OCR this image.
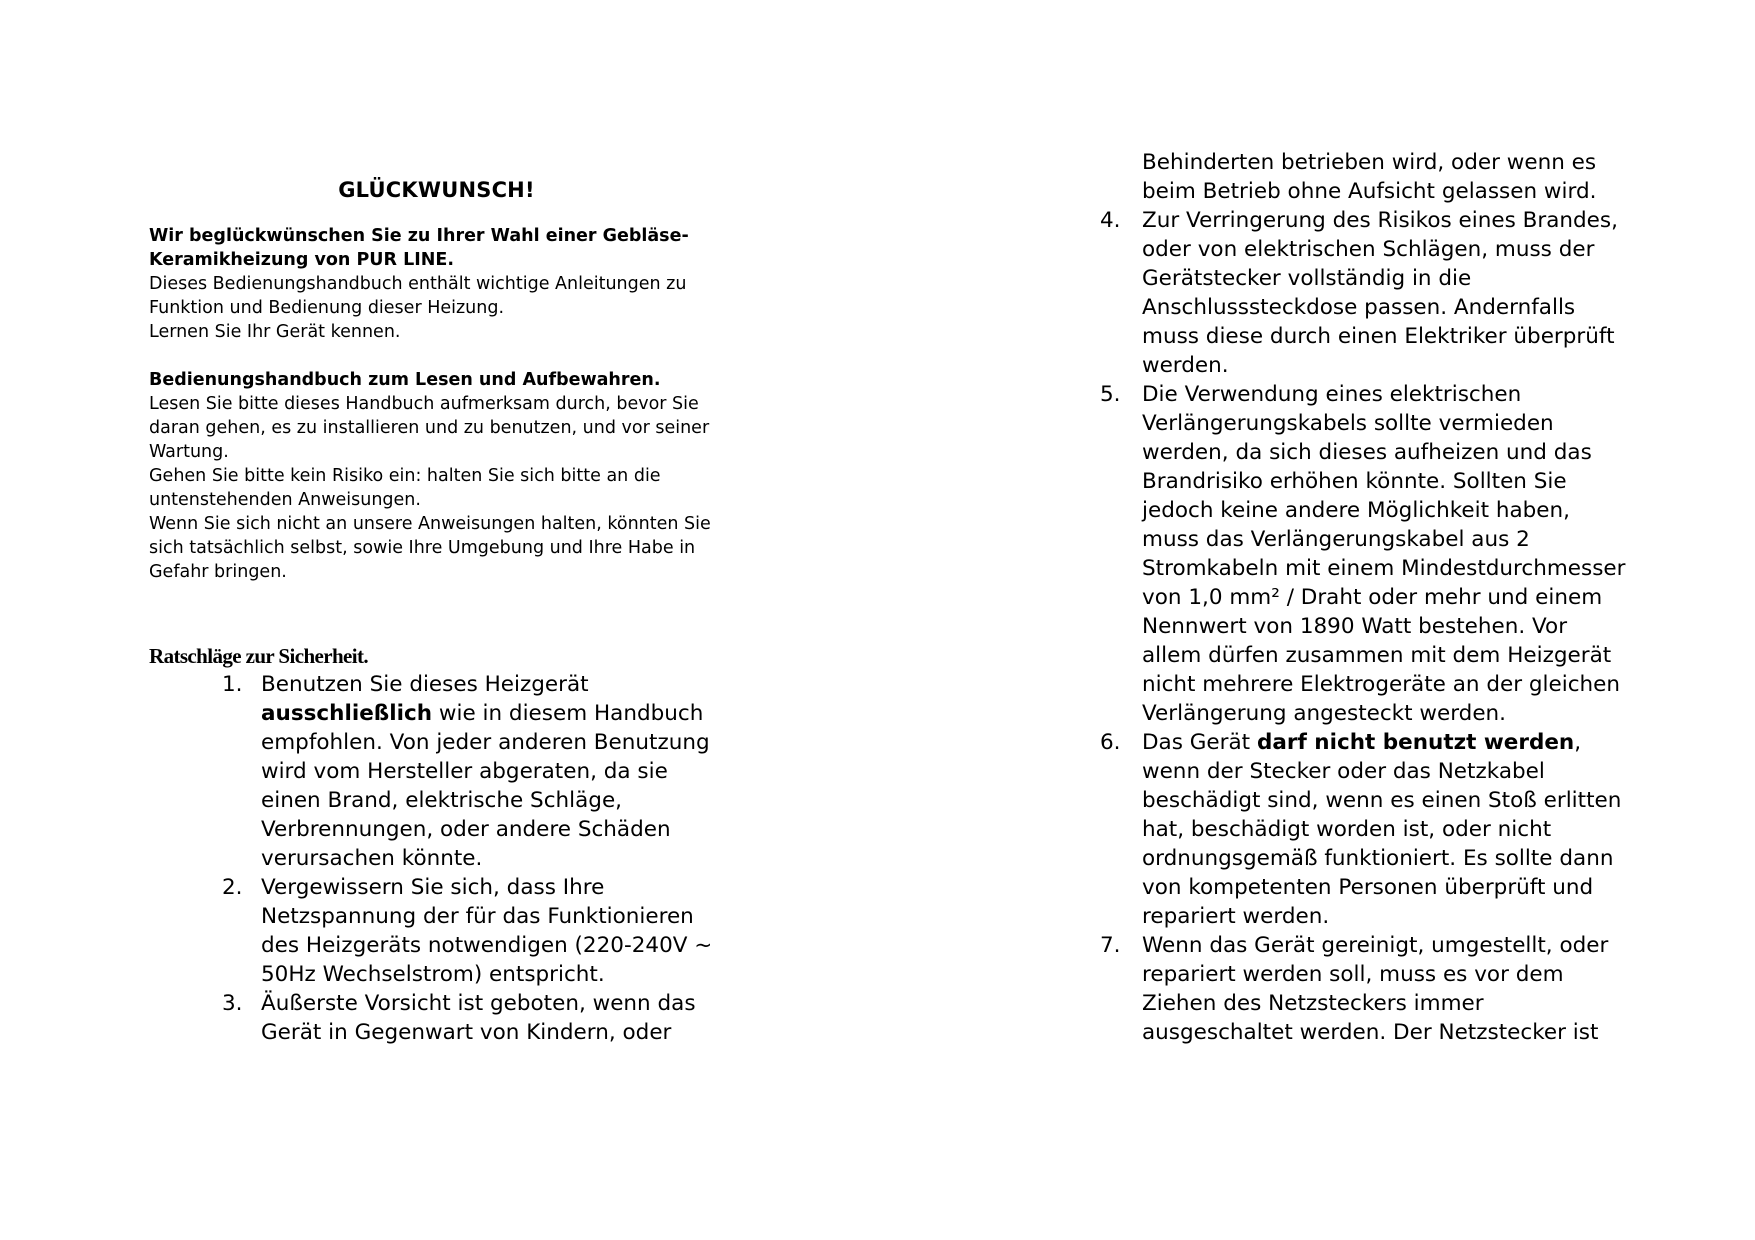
GLÜCKWUNSCH!

Wir beglückwünschen Sie zu Ihrer Wahl einer Gebläse-Keramikheizung von PUR LINE.
Dieses Bedienungshandbuch enthält wichtige Anleitungen zu Funktion und Bedienung dieser Heizung.
Lernen Sie Ihr Gerät kennen.

Bedienungshandbuch zum Lesen und Aufbewahren.
Lesen Sie bitte dieses Handbuch aufmerksam durch, bevor Sie daran gehen, es zu installieren und zu benutzen, und vor seiner Wartung.
Gehen Sie bitte kein Risiko ein: halten Sie sich bitte an die untenstehenden Anweisungen.
Wenn Sie sich nicht an unsere Anweisungen halten, könnten Sie sich tatsächlich selbst, sowie Ihre Umgebung und Ihre Habe in Gefahr bringen.

Ratschläge zur Sicherheit.
1. Benutzen Sie dieses Heizgerät ausschließlich wie in diesem Handbuch empfohlen. Von jeder anderen Benutzung wird vom Hersteller abgeraten, da sie einen Brand, elektrische Schläge, Verbrennungen, oder andere Schäden verursachen könnte.
2. Vergewissern Sie sich, dass Ihre Netzspannung der für das Funktionieren des Heizgeräts notwendigen (220-240V ~ 50Hz Wechselstrom) entspricht.
3. Äußerste Vorsicht ist geboten, wenn das Gerät in Gegenwart von Kindern, oder
Behinderten betrieben wird, oder wenn es beim Betrieb ohne Aufsicht gelassen wird.
4. Zur Verringerung des Risikos eines Brandes, oder von elektrischen Schlägen, muss der Gerätstecker vollständig in die Anschlusssteckdose passen. Andernfalls muss diese durch einen Elektriker überprüft werden.
5. Die Verwendung eines elektrischen Verlängerungskabels sollte vermieden werden, da sich dieses aufheizen und das Brandrisiko erhöhen könnte. Sollten Sie jedoch keine andere Möglichkeit haben, muss das Verlängerungskabel aus 2 Stromkabeln mit einem Mindestdurchmesser von 1,0 mm² / Draht oder mehr und einem Nennwert von 1890 Watt bestehen. Vor allem dürfen zusammen mit dem Heizgerät nicht mehrere Elektrogeräte an der gleichen Verlängerung angesteckt werden.
6. Das Gerät darf nicht benutzt werden, wenn der Stecker oder das Netzkabel beschädigt sind, wenn es einen Stoß erlitten hat, beschädigt worden ist, oder nicht ordnungsgemäß funktioniert. Es sollte dann von kompetenten Personen überprüft und repariert werden.
7. Wenn das Gerät gereinigt, umgestellt, oder repariert werden soll, muss es vor dem Ziehen des Netzsteckers immer ausgeschaltet werden. Der Netzstecker ist
